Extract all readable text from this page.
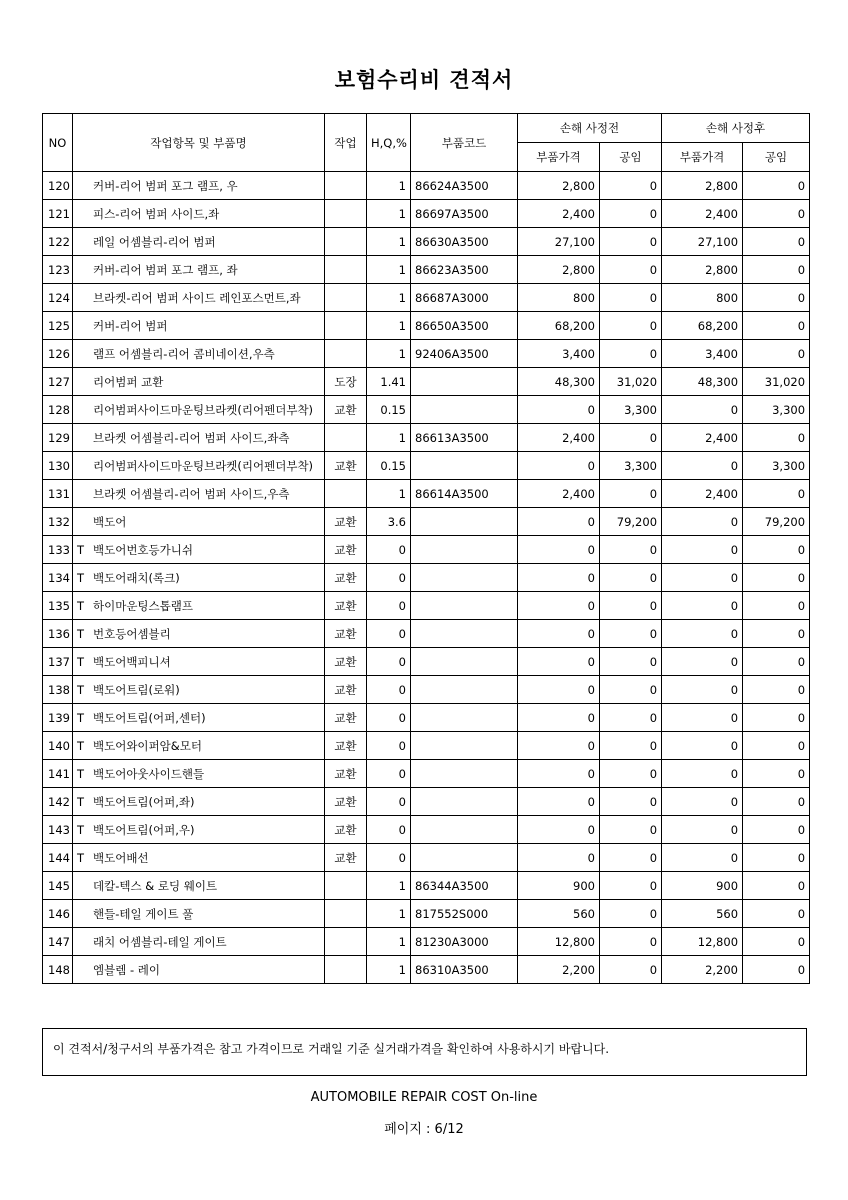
보험수리비 견적서
NO	작업항목 및 부품명	작업	H,Q,%	부품코드	손해 사정전		손해 사정후	
					부품가격	공임	부품가격	공임
120	커버-리어 범퍼 포그 램프, 우		1	86624A3500	2,800	0	2,800	0
121	피스-리어 범퍼 사이드,좌		1	86697A3500	2,400	0	2,400	0
122	레일 어셈블리-리어 범퍼		1	86630A3500	27,100	0	27,100	0
123	커버-리어 범퍼 포그 램프, 좌		1	86623A3500	2,800	0	2,800	0
124	브라켓-리어 범퍼 사이드 레인포스먼트,좌		1	86687A3000	800	0	800	0
125	커버-리어 범퍼		1	86650A3500	68,200	0	68,200	0
126	램프 어셈블리-리어 콤비네이션,우측		1	92406A3500	3,400	0	3,400	0
127	리어범퍼 교환	도장	1.41		48,300	31,020	48,300	31,020
128	리어범퍼사이드마운팅브라켓(리어펜더부착)	교환	0.15		0	3,300	0	3,300
129	브라켓 어셈블리-리어 범퍼 사이드,좌측		1	86613A3500	2,400	0	2,400	0
130	리어범퍼사이드마운팅브라켓(리어펜더부착)	교환	0.15		0	3,300	0	3,300
131	브라켓 어셈블리-리어 범퍼 사이드,우측		1	86614A3500	2,400	0	2,400	0
132	백도어	교환	3.6		0	79,200	0	79,200
133	T 백도어번호등가니쉬	교환	0		0	0	0	0
134	T 백도어래치(록크)	교환	0		0	0	0	0
135	T 하이마운팅스톱램프	교환	0		0	0	0	0
136	T 번호등어셈블리	교환	0		0	0	0	0
137	T 백도어백피니셔	교환	0		0	0	0	0
138	T 백도어트림(로워)	교환	0		0	0	0	0
139	T 백도어트림(어퍼,센터)	교환	0		0	0	0	0
140	T 백도어와이퍼암&모터	교환	0		0	0	0	0
141	T 백도어아웃사이드핸들	교환	0		0	0	0	0
142	T 백도어트림(어퍼,좌)	교환	0		0	0	0	0
143	T 백도어트림(어퍼,우)	교환	0		0	0	0	0
144	T 백도어배선	교환	0		0	0	0	0
145	데칼-텍스 & 로딩 웨이트		1	86344A3500	900	0	900	0
146	핸들-테일 게이트 풀		1	817552S000	560	0	560	0
147	래치 어셈블리-테일 게이트		1	81230A3000	12,800	0	12,800	0
148	엠블렘 - 레이		1	86310A3500	2,200	0	2,200	0
이 견적서/청구서의 부품가격은 참고 가격이므로 거래일 기준 실거래가격을 확인하여 사용하시기 바랍니다.
AUTOMOBILE REPAIR COST On-line
페이지 : 6/12
